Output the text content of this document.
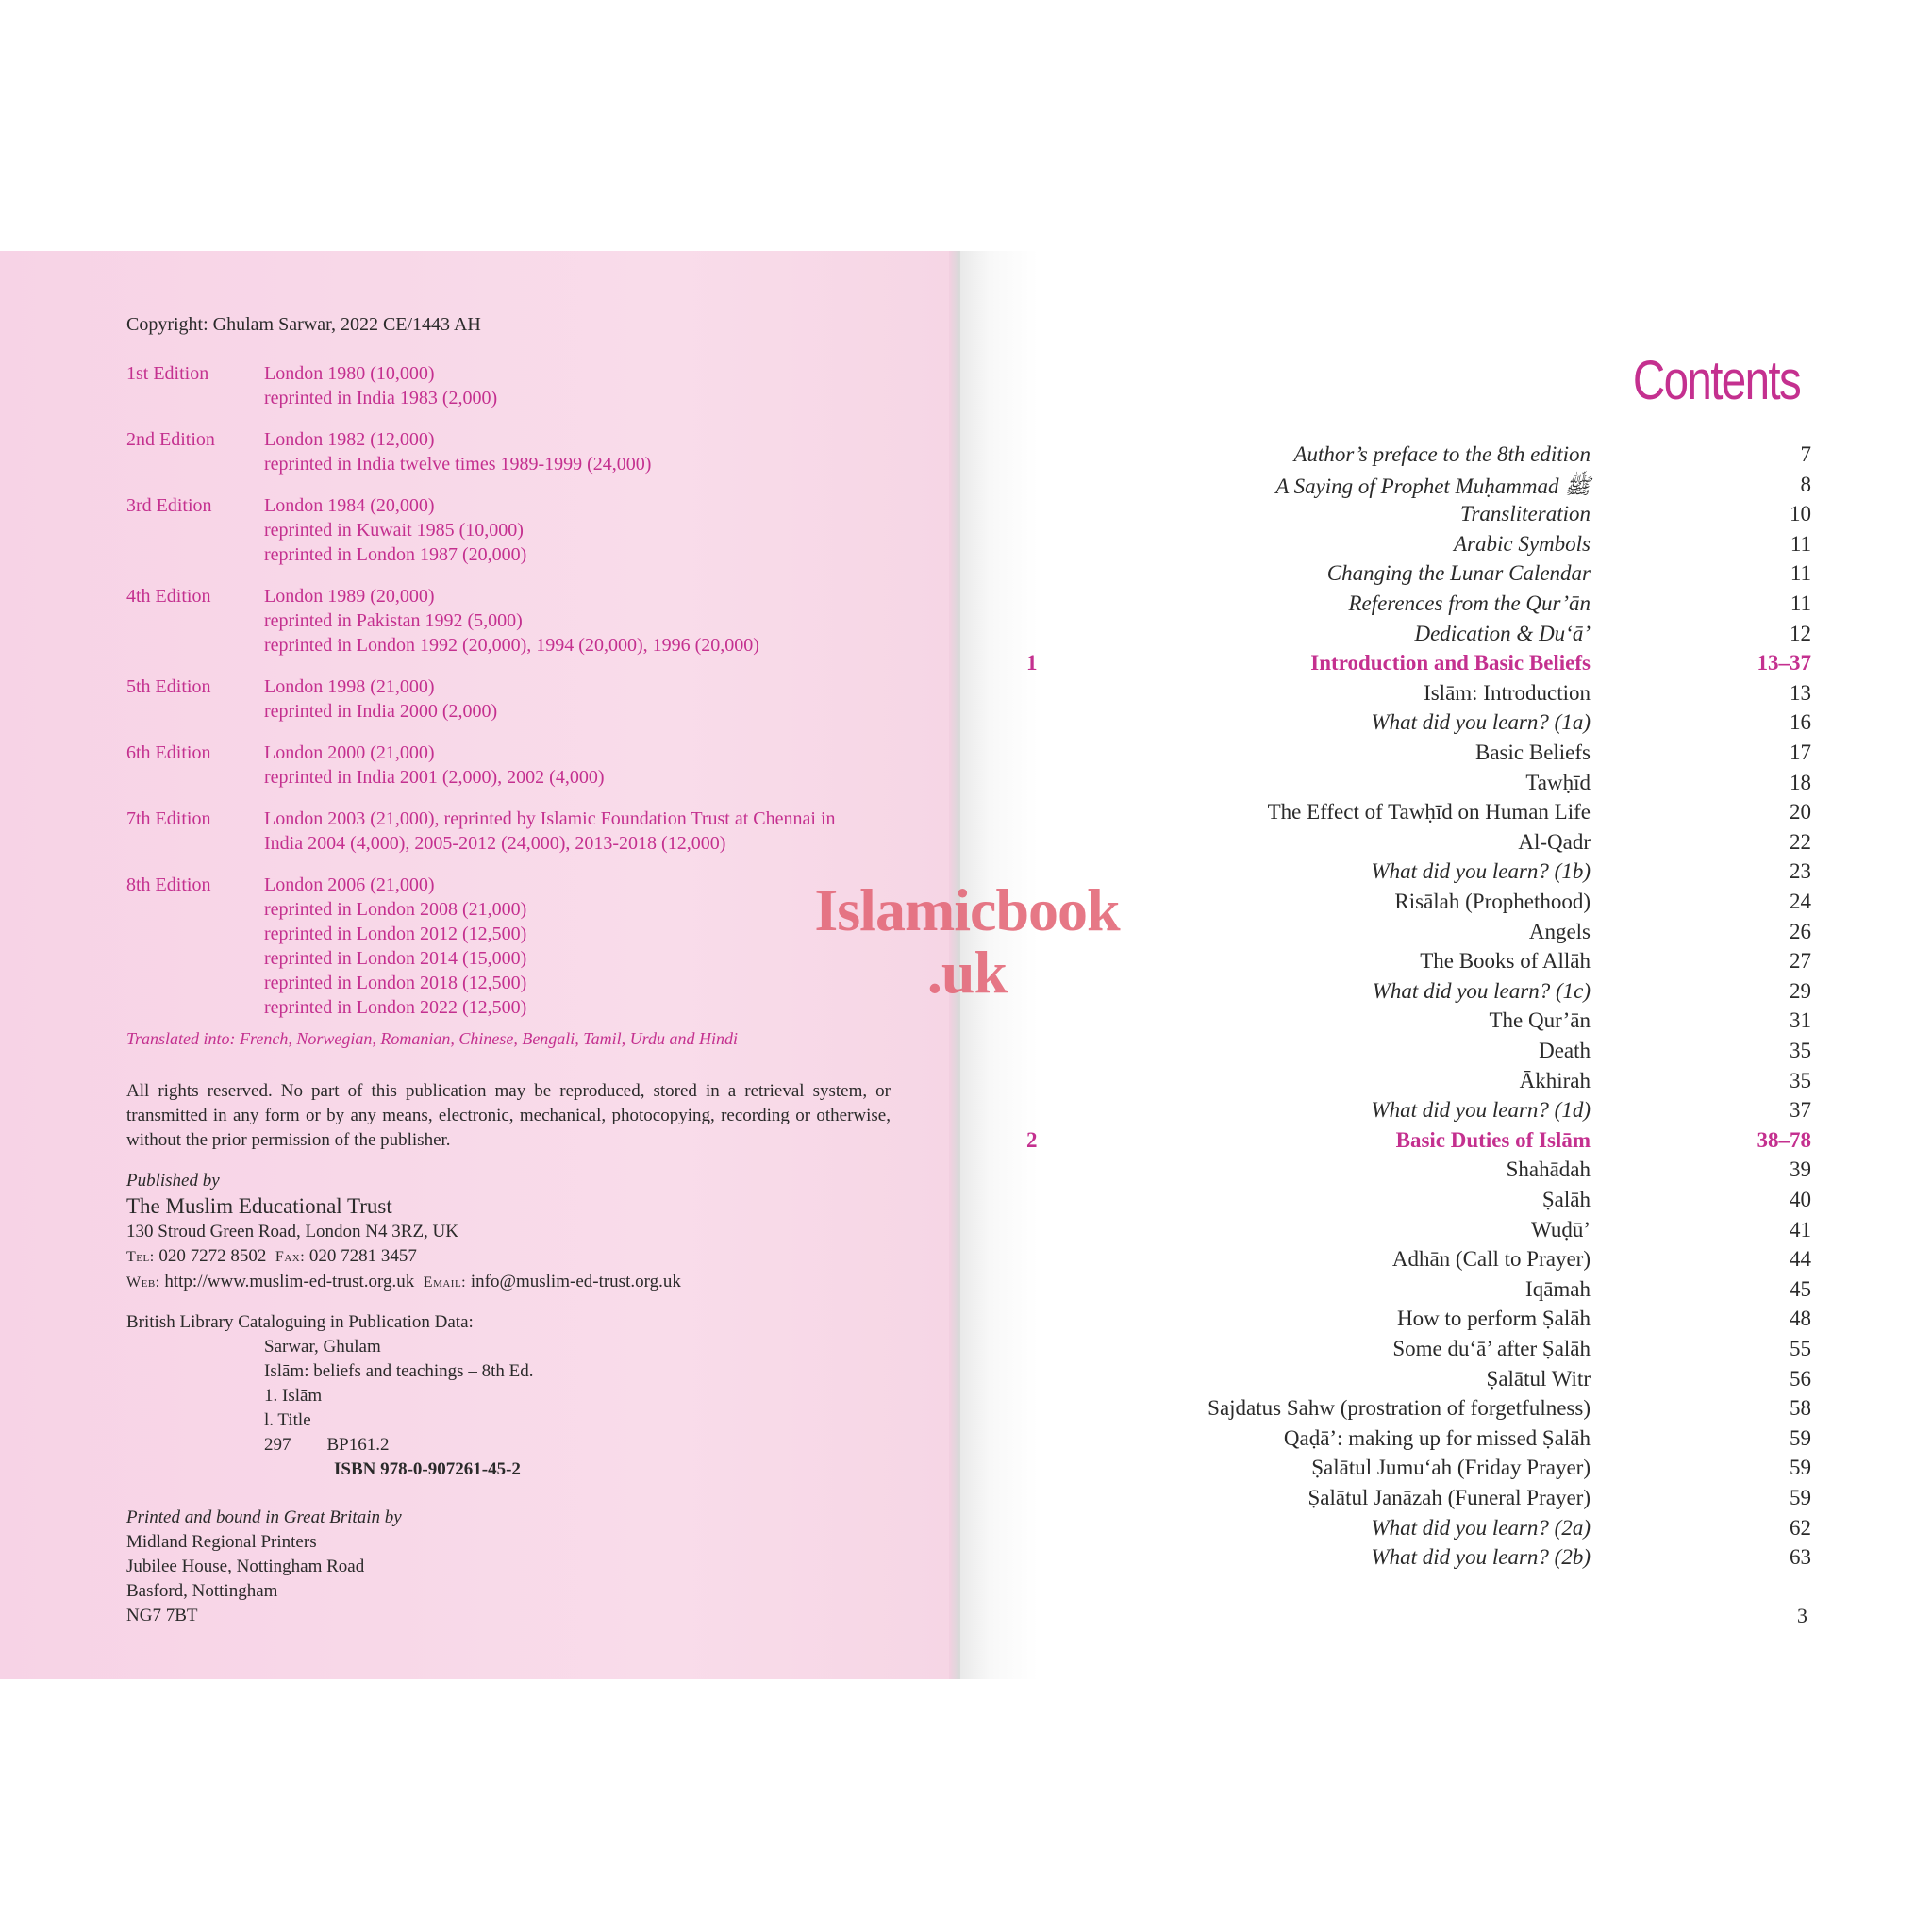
Copyright: Ghulam Sarwar, 2022 CE/1443 AH
1st Edition	London 1980 (10,000)
reprinted in India 1983 (2,000)
2nd Edition	London 1982 (12,000)
reprinted in India twelve times 1989-1999 (24,000)
3rd Edition	London 1984 (20,000)
reprinted in Kuwait 1985 (10,000)
reprinted in London 1987 (20,000)
4th Edition	London 1989 (20,000)
reprinted in Pakistan 1992 (5,000)
reprinted in London 1992 (20,000), 1994 (20,000), 1996 (20,000)
5th Edition	London 1998 (21,000)
reprinted in India 2000 (2,000)
6th Edition	London 2000 (21,000)
reprinted in India 2001 (2,000), 2002 (4,000)
7th Edition	London 2003 (21,000), reprinted by Islamic Foundation Trust at Chennai in
India 2004 (4,000), 2005-2012 (24,000), 2013-2018 (12,000)
8th Edition	London 2006 (21,000)
reprinted in London 2008 (21,000)
reprinted in London 2012 (12,500)
reprinted in London 2014 (15,000)
reprinted in London 2018 (12,500)
reprinted in London 2022 (12,500)
Translated into: French, Norwegian, Romanian, Chinese, Bengali, Tamil, Urdu and Hindi
All rights reserved. No part of this publication may be reproduced, stored in a retrieval system, or transmitted in any form or by any means, electronic, mechanical, photocopying, recording or otherwise, without the prior permission of the publisher.
Published by
The Muslim Educational Trust
130 Stroud Green Road, London N4 3RZ, UK
Tel: 020 7272 8502 Fax: 020 7281 3457
Web: http://www.muslim-ed-trust.org.uk Email: info@muslim-ed-trust.org.uk
British Library Cataloguing in Publication Data:
Sarwar, Ghulam
Islām: beliefs and teachings – 8th Ed.
1. Islām
l. Title
297        BP161.2
ISBN 978-0-907261-45-2
Printed and bound in Great Britain by
Midland Regional Printers
Jubilee House, Nottingham Road
Basford, Nottingham
NG7 7BT
Islamicbook
.uk
Contents
Author’s preface to the 8th edition	7
A Saying of Prophet Muḥammad ﷺ	8
Transliteration	10
Arabic Symbols	11
Changing the Lunar Calendar	11
References from the Qur’ān	11
Dedication & Du‘ā’	12
1	Introduction and Basic Beliefs	13–37
Islām: Introduction	13
What did you learn? (1a)	16
Basic Beliefs	17
Tawḥīd	18
The Effect of Tawḥīd on Human Life	20
Al-Qadr	22
What did you learn? (1b)	23
Risālah (Prophethood)	24
Angels	26
The Books of Allāh	27
What did you learn? (1c)	29
The Qur’ān	31
Death	35
Ākhirah	35
What did you learn? (1d)	37
2	Basic Duties of Islām	38–78
Shahādah	39
Ṣalāh	40
Wuḍū’	41
Adhān (Call to Prayer)	44
Iqāmah	45
How to perform Ṣalāh	48
Some du‘ā’ after Ṣalāh	55
Ṣalātul Witr	56
Sajdatus Sahw (prostration of forgetfulness)	58
Qaḍā’: making up for missed Ṣalāh	59
Ṣalātul Jumu‘ah (Friday Prayer)	59
Ṣalātul Janāzah (Funeral Prayer)	59
What did you learn? (2a)	62
What did you learn? (2b)	63
3
